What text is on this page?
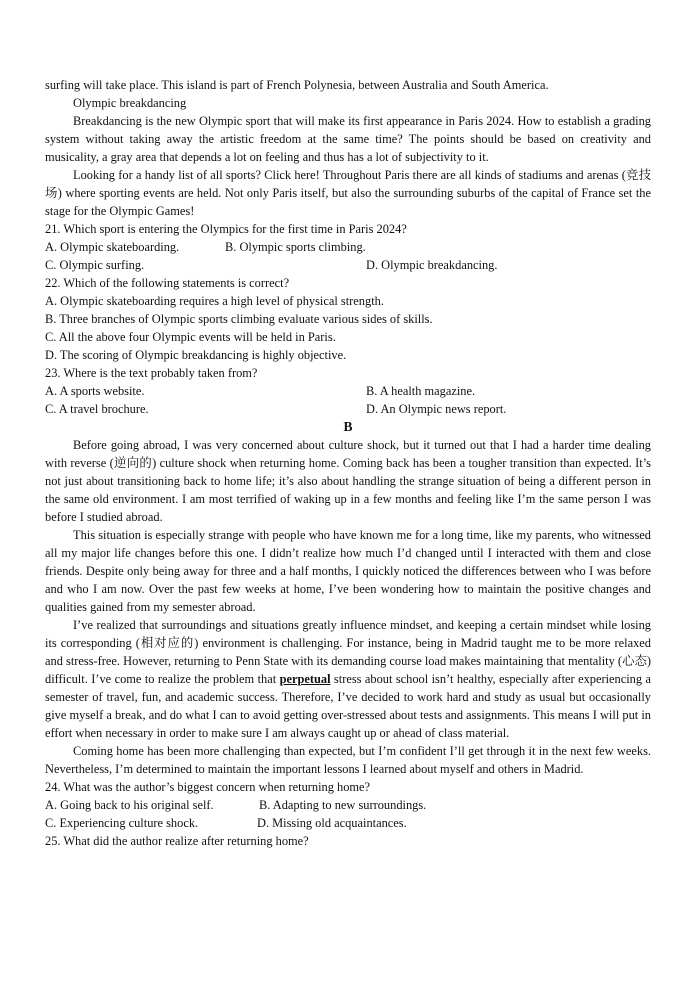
surfing will take place. This island is part of French Polynesia, between Australia and South America.

Olympic breakdancing

Breakdancing is the new Olympic sport that will make its first appearance in Paris 2024. How to establish a grading system without taking away the artistic freedom at the same time? The points should be based on creativity and musicality, a gray area that depends a lot on feeling and thus has a lot of subjectivity to it.

Looking for a handy list of all sports? Click here! Throughout Paris there are all kinds of stadiums and arenas (竞技场) where sporting events are held. Not only Paris itself, but also the surrounding suburbs of the capital of France set the stage for the Olympic Games!

21. Which sport is entering the Olympics for the first time in Paris 2024?

A. Olympic skateboarding.	B. Olympic sports climbing.
C. Olympic surfing.	D. Olympic breakdancing.

22. Which of the following statements is correct?

A. Olympic skateboarding requires a high level of physical strength.

B. Three branches of Olympic sports climbing evaluate various sides of skills.

C. All the above four Olympic events will be held in Paris.

D. The scoring of Olympic breakdancing is highly objective.

23. Where is the text probably taken from?

A. A sports website.	B. A health magazine.
C. A travel brochure.	D. An Olympic news report.

B

Before going abroad, I was very concerned about culture shock, but it turned out that I had a harder time dealing with reverse (逆向的) culture shock when returning home. Coming back has been a tougher transition than expected. It’s not just about transitioning back to home life; it’s also about handling the strange situation of being a different person in the same old environment. I am most terrified of waking up in a few months and feeling like I’m the same person I was before I studied abroad.

This situation is especially strange with people who have known me for a long time, like my parents, who witnessed all my major life changes before this one. I didn’t realize how much I’d changed until I interacted with them and close friends. Despite only being away for three and a half months, I quickly noticed the differences between who I was before and who I am now. Over the past few weeks at home, I’ve been wondering how to maintain the positive changes and qualities gained from my semester abroad.

I’ve realized that surroundings and situations greatly influence mindset, and keeping a certain mindset while losing its corresponding (相对应的) environment is challenging. For instance, being in Madrid taught me to be more relaxed and stress-free. However, returning to Penn State with its demanding course load makes maintaining that mentality (心态) difficult. I’ve come to realize the problem that perpetual stress about school isn’t healthy, especially after experiencing a semester of travel, fun, and academic success. Therefore, I’ve decided to work hard and study as usual but occasionally give myself a break, and do what I can to avoid getting over-stressed about tests and assignments. This means I will put in effort when necessary in order to make sure I am always caught up or ahead of class material.

Coming home has been more challenging than expected, but I’m confident I’ll get through it in the next few weeks. Nevertheless, I’m determined to maintain the important lessons I learned about myself and others in Madrid.

24. What was the author’s biggest concern when returning home?

A. Going back to his original self.	B. Adapting to new surroundings.
C. Experiencing culture shock.	D. Missing old acquaintances.

25. What did the author realize after returning home?
